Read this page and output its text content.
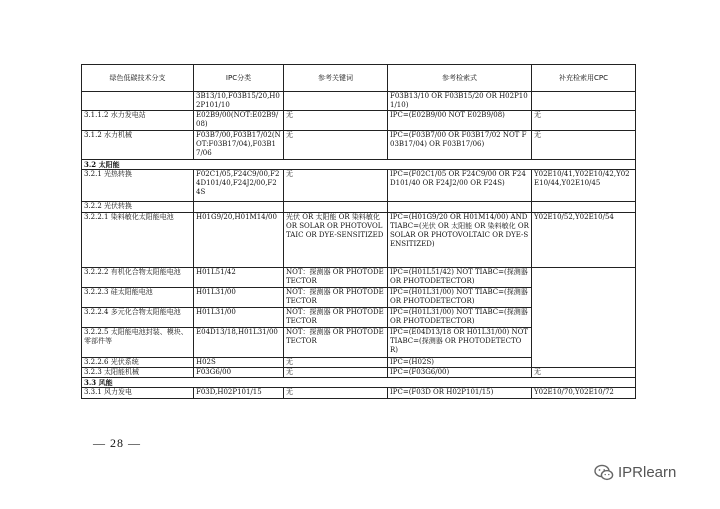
绿色低碳技术分支	IPC分类	参考关键词	参考检索式	补充检索用CPC
	3B13/10,F03B15/20,H02P101/10		F03B13/10 OR F03B15/20 OR H02P101/10)	
3.1.1.2 水力发电站	E02B9/00(NOT:E02B9/08)	无	IPC=(E02B9/00 NOT E02B9/08)	无
3.1.2 水力机械	F03B7/00,F03B17/02(NOT:F03B17/04),F03B17/06	无	IPC=(F03B7/00 OR F03B17/02 NOT F03B17/04) OR F03B17/06)	无
3.2 太阳能				
3.2.1 光热转换	F02C1/05,F24C9/00,F24D101/40,F24J2/00,F24S	无	IPC=(F02C1/05 OR F24C9/00 OR F24D101/40 OR F24J2/00 OR F24S)	Y02E10/41,Y02E10/42,Y02E10/44,Y02E10/45
3.2.2 光伏转换				
3.2.2.1 染料敏化太阳能电池	H01G9/20,H01M14/00	光伏 OR 太阳能 OR 染料敏化 OR SOLAR OR PHOTOVOLTAIC OR DYE-SENSITIZED	IPC=(H01G9/20 OR H01M14/00) AND TIABC=(光伏 OR 太阳能 OR 染料敏化 OR SOLAR OR PHOTOVOLTAIC OR DYE-SENSITIZED)	Y02E10/52,Y02E10/54
3.2.2.2 有机化合物太阳能电池	H01L51/42	NOT：探测器 OR PHOTODETECTOR	IPC=(H01L51/42) NOT TIABC=(探测器 OR PHOTODETECTOR)	
3.2.2.3 硅太阳能电池	H01L31/00	NOT：探测器 OR PHOTODETECTOR	IPC=(H01L31/00) NOT TIABC=(探测器 OR PHOTODETECTOR)	
3.2.2.4 多元化合物太阳能电池	H01L31/00	NOT：探测器 OR PHOTODETECTOR	IPC=(H01L31/00) NOT TIABC=(探测器 OR PHOTODETECTOR)	
3.2.2.5 太阳能电池封装、模块、零部件等	E04D13/18,H01L31/00	NOT：探测器 OR PHOTODETECTOR	IPC=(E04D13/18 OR H01L31/00) NOT TIABC=(探测器 OR PHOTODETECTOR)	
3.2.2.6 光伏系统	H02S	无	IPC=(H02S)	
3.2.3 太阳能机械	F03G6/00	无	IPC=(F03G6/00)	无
3.3 风能				
3.3.1 风力发电	F03D,H02P101/15	无	IPC=(F03D OR H02P101/15)	Y02E10/70,Y02E10/72
— 28 —
IPRlearn
